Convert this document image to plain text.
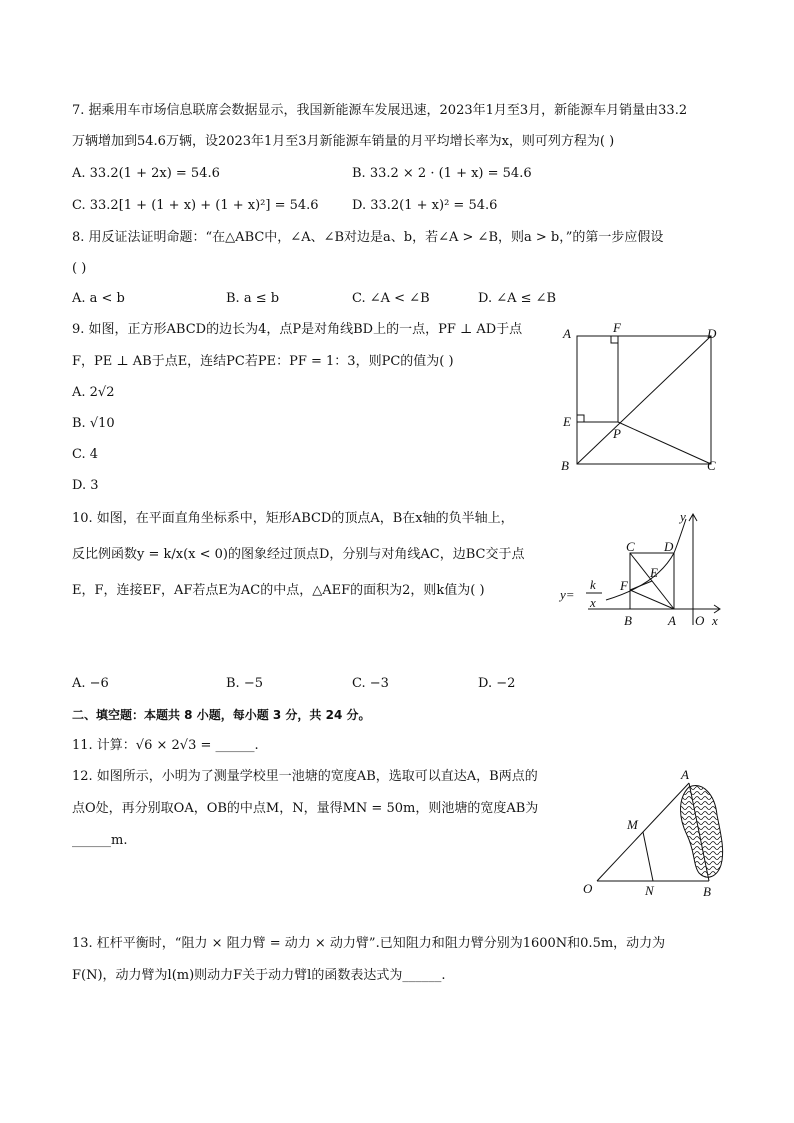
7. 据乘用车市场信息联席会数据显示，我国新能源车发展迅速，2023年1月至3月，新能源车月销量由33.2
万辆增加到54.6万辆，设2023年1月至3月新能源车销量的月平均增长率为x，则可列方程为( )
A. 33.2(1 + 2x) = 54.6	B. 33.2 × 2 · (1 + x) = 54.6
C. 33.2[1 + (1 + x) + (1 + x)²] = 54.6	D. 33.2(1 + x)² = 54.6
8. 用反证法证明命题：“在△ABC中，∠A、∠B对边是a、b，若∠A > ∠B，则a > b，”的第一步应假设
( )
A. a < b	B. a ≤ b	C. ∠A < ∠B	D. ∠A ≤ ∠B
9. 如图，正方形ABCD的边长为4，点P是对角线BD上的一点，PF ⊥ AD于点
F，PE ⊥ AB于点E，连结PC若PE：PF = 1：3，则PC的值为( )
A. 2√2
B. √10
C. 4
D. 3
A	F	D
E
P
B	C
10. 如图，在平面直角坐标系中，矩形ABCD的顶点A，B在x轴的负半轴上，
反比例函数y = k/x(x < 0)的图象经过顶点D，分别与对角线AC，边BC交于点
E，F，连接EF，AF若点E为AC的中点，△AEF的面积为2，则k值为( )
A. −6	B. −5	C. −3	D. −2
C D
E
F
B	A O x
y
y=
k
x
二、填空题：本题共 8 小题，每小题 3 分，共 24 分。
11. 计算：√6 × 2√3 = ______.
12. 如图所示，小明为了测量学校里一池塘的宽度AB，选取可以直达A，B两点的
点O处，再分别取OA，OB的中点M，N，量得MN = 50m，则池塘的宽度AB为
______m.
A
M
N
O	B
13. 杠杆平衡时，“阻力 × 阻力臂 = 动力 × 动力臂”.已知阻力和阻力臂分别为1600N和0.5m，动力为
F(N)，动力臂为l(m)则动力F关于动力臂l的函数表达式为______.
